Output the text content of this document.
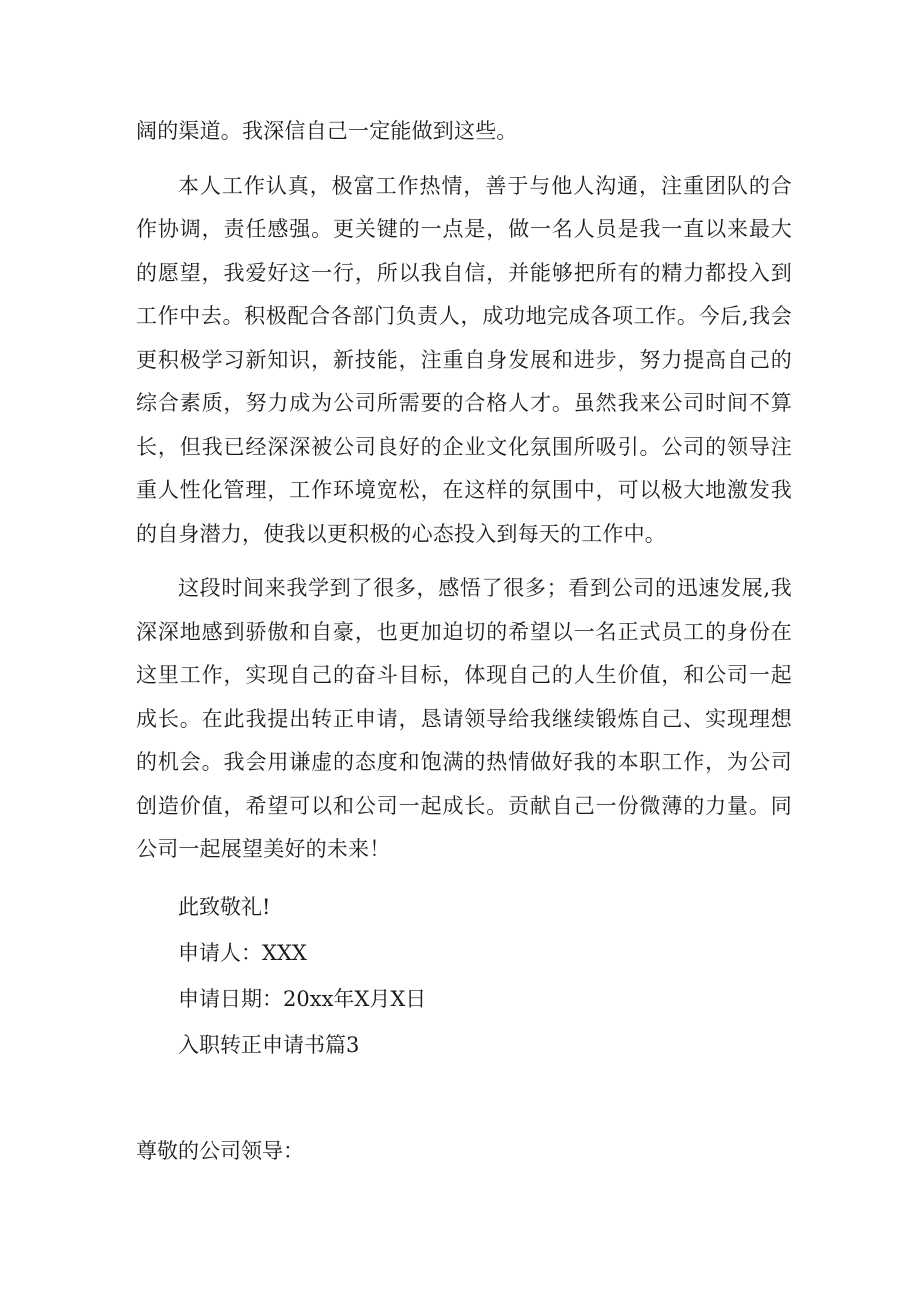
阔的渠道。我深信自己一定能做到这些。

本人工作认真，极富工作热情，善于与他人沟通，注重团队的合作协调，责任感强。更关键的一点是，做一名人员是我一直以来最大的愿望，我爱好这一行，所以我自信，并能够把所有的精力都投入到工作中去。积极配合各部门负责人，成功地完成各项工作。今后,我会更积极学习新知识，新技能，注重自身发展和进步，努力提高自己的综合素质，努力成为公司所需要的合格人才。虽然我来公司时间不算长，但我已经深深被公司良好的企业文化氛围所吸引。公司的领导注重人性化管理，工作环境宽松，在这样的氛围中，可以极大地激发我的自身潜力，使我以更积极的心态投入到每天的工作中。

这段时间来我学到了很多，感悟了很多；看到公司的迅速发展,我深深地感到骄傲和自豪，也更加迫切的希望以一名正式员工的身份在这里工作，实现自己的奋斗目标，体现自己的人生价值，和公司一起成长。在此我提出转正申请，恳请领导给我继续锻炼自己、实现理想的机会。我会用谦虚的态度和饱满的热情做好我的本职工作，为公司创造价值，希望可以和公司一起成长。贡献自己一份微薄的力量。同公司一起展望美好的未来！

此致敬礼!
申请人：XXX
申请日期：20xx年X月X日
入职转正申请书篇3
尊敬的公司领导：
